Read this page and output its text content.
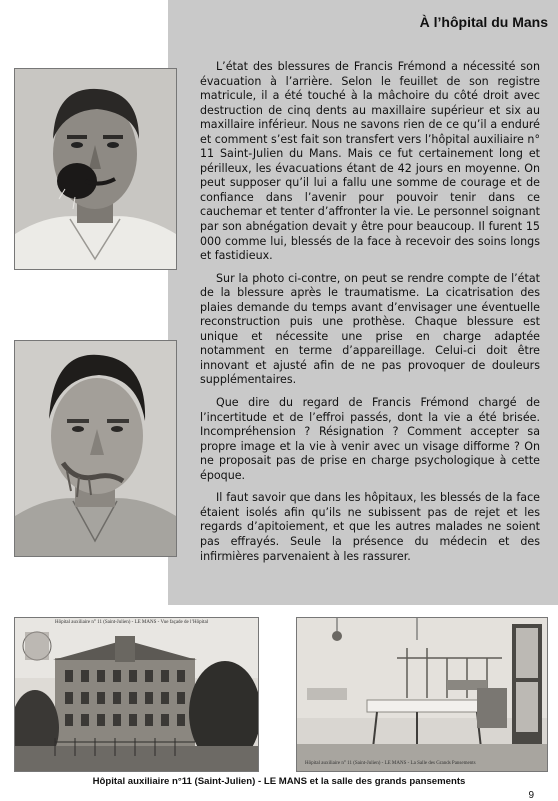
À l’hôpital du Mans

L’état des blessures de Francis Frémond a nécessité son évacuation à l’arrière. Selon le feuillet de son registre matricule, il a été touché à la mâchoire du côté droit avec destruction de cinq dents au maxillaire supérieur et six au maxillaire inférieur. Nous ne savons rien de ce qu’il a enduré et comment s’est fait son transfert vers l’hôpital auxiliaire n° 11 Saint-Julien du Mans. Mais ce fut certainement long et périlleux, les évacuations étant de 42 jours en moyenne. On peut supposer qu’il lui a fallu une somme de courage et de confiance dans l’avenir pour pouvoir tenir dans ce cauchemar et tenter d’affronter la vie. Le personnel soignant par son abnégation devait y être pour beaucoup. Il furent 15 000 comme lui, blessés de la face à recevoir des soins longs et fastidieux.

Sur la photo ci-contre, on peut se rendre compte de l’état de la blessure après le traumatisme. La cicatrisation des plaies demande du temps avant d’envisager une éventuelle reconstruction puis une prothèse. Chaque blessure est unique et nécessite une prise en charge adaptée notamment en terme d’appareillage. Celui-ci doit être innovant et ajusté afin de ne pas provoquer de douleurs supplémentaires.

Que dire du regard de Francis Frémond chargé de l’incertitude et de l’effroi passés, dont la vie a été brisée. Incompréhension ? Résignation ? Comment accepter sa propre image et la vie à venir avec un visage difforme ? On ne proposait pas de prise en charge psychologique à cette époque.

Il faut savoir que dans les hôpitaux, les blessés de la face étaient isolés afin qu’ils ne subissent pas de rejet et les regards d’apitoiement, et que les autres malades ne soient pas effrayés. Seule la présence du médecin et des infirmières parvenaient à les rassurer.

Hôpital auxiliaire n° 11 (Saint-Julien) - LE MANS - Vue façade de l’Hôpital
Hôpital auxiliaire n° 11 (Saint-Julien) - LE MANS - La Salle des Grands Pansements
Hôpital auxiliaire n°11 (Saint-Julien) - LE MANS et la salle des grands pansements
9
